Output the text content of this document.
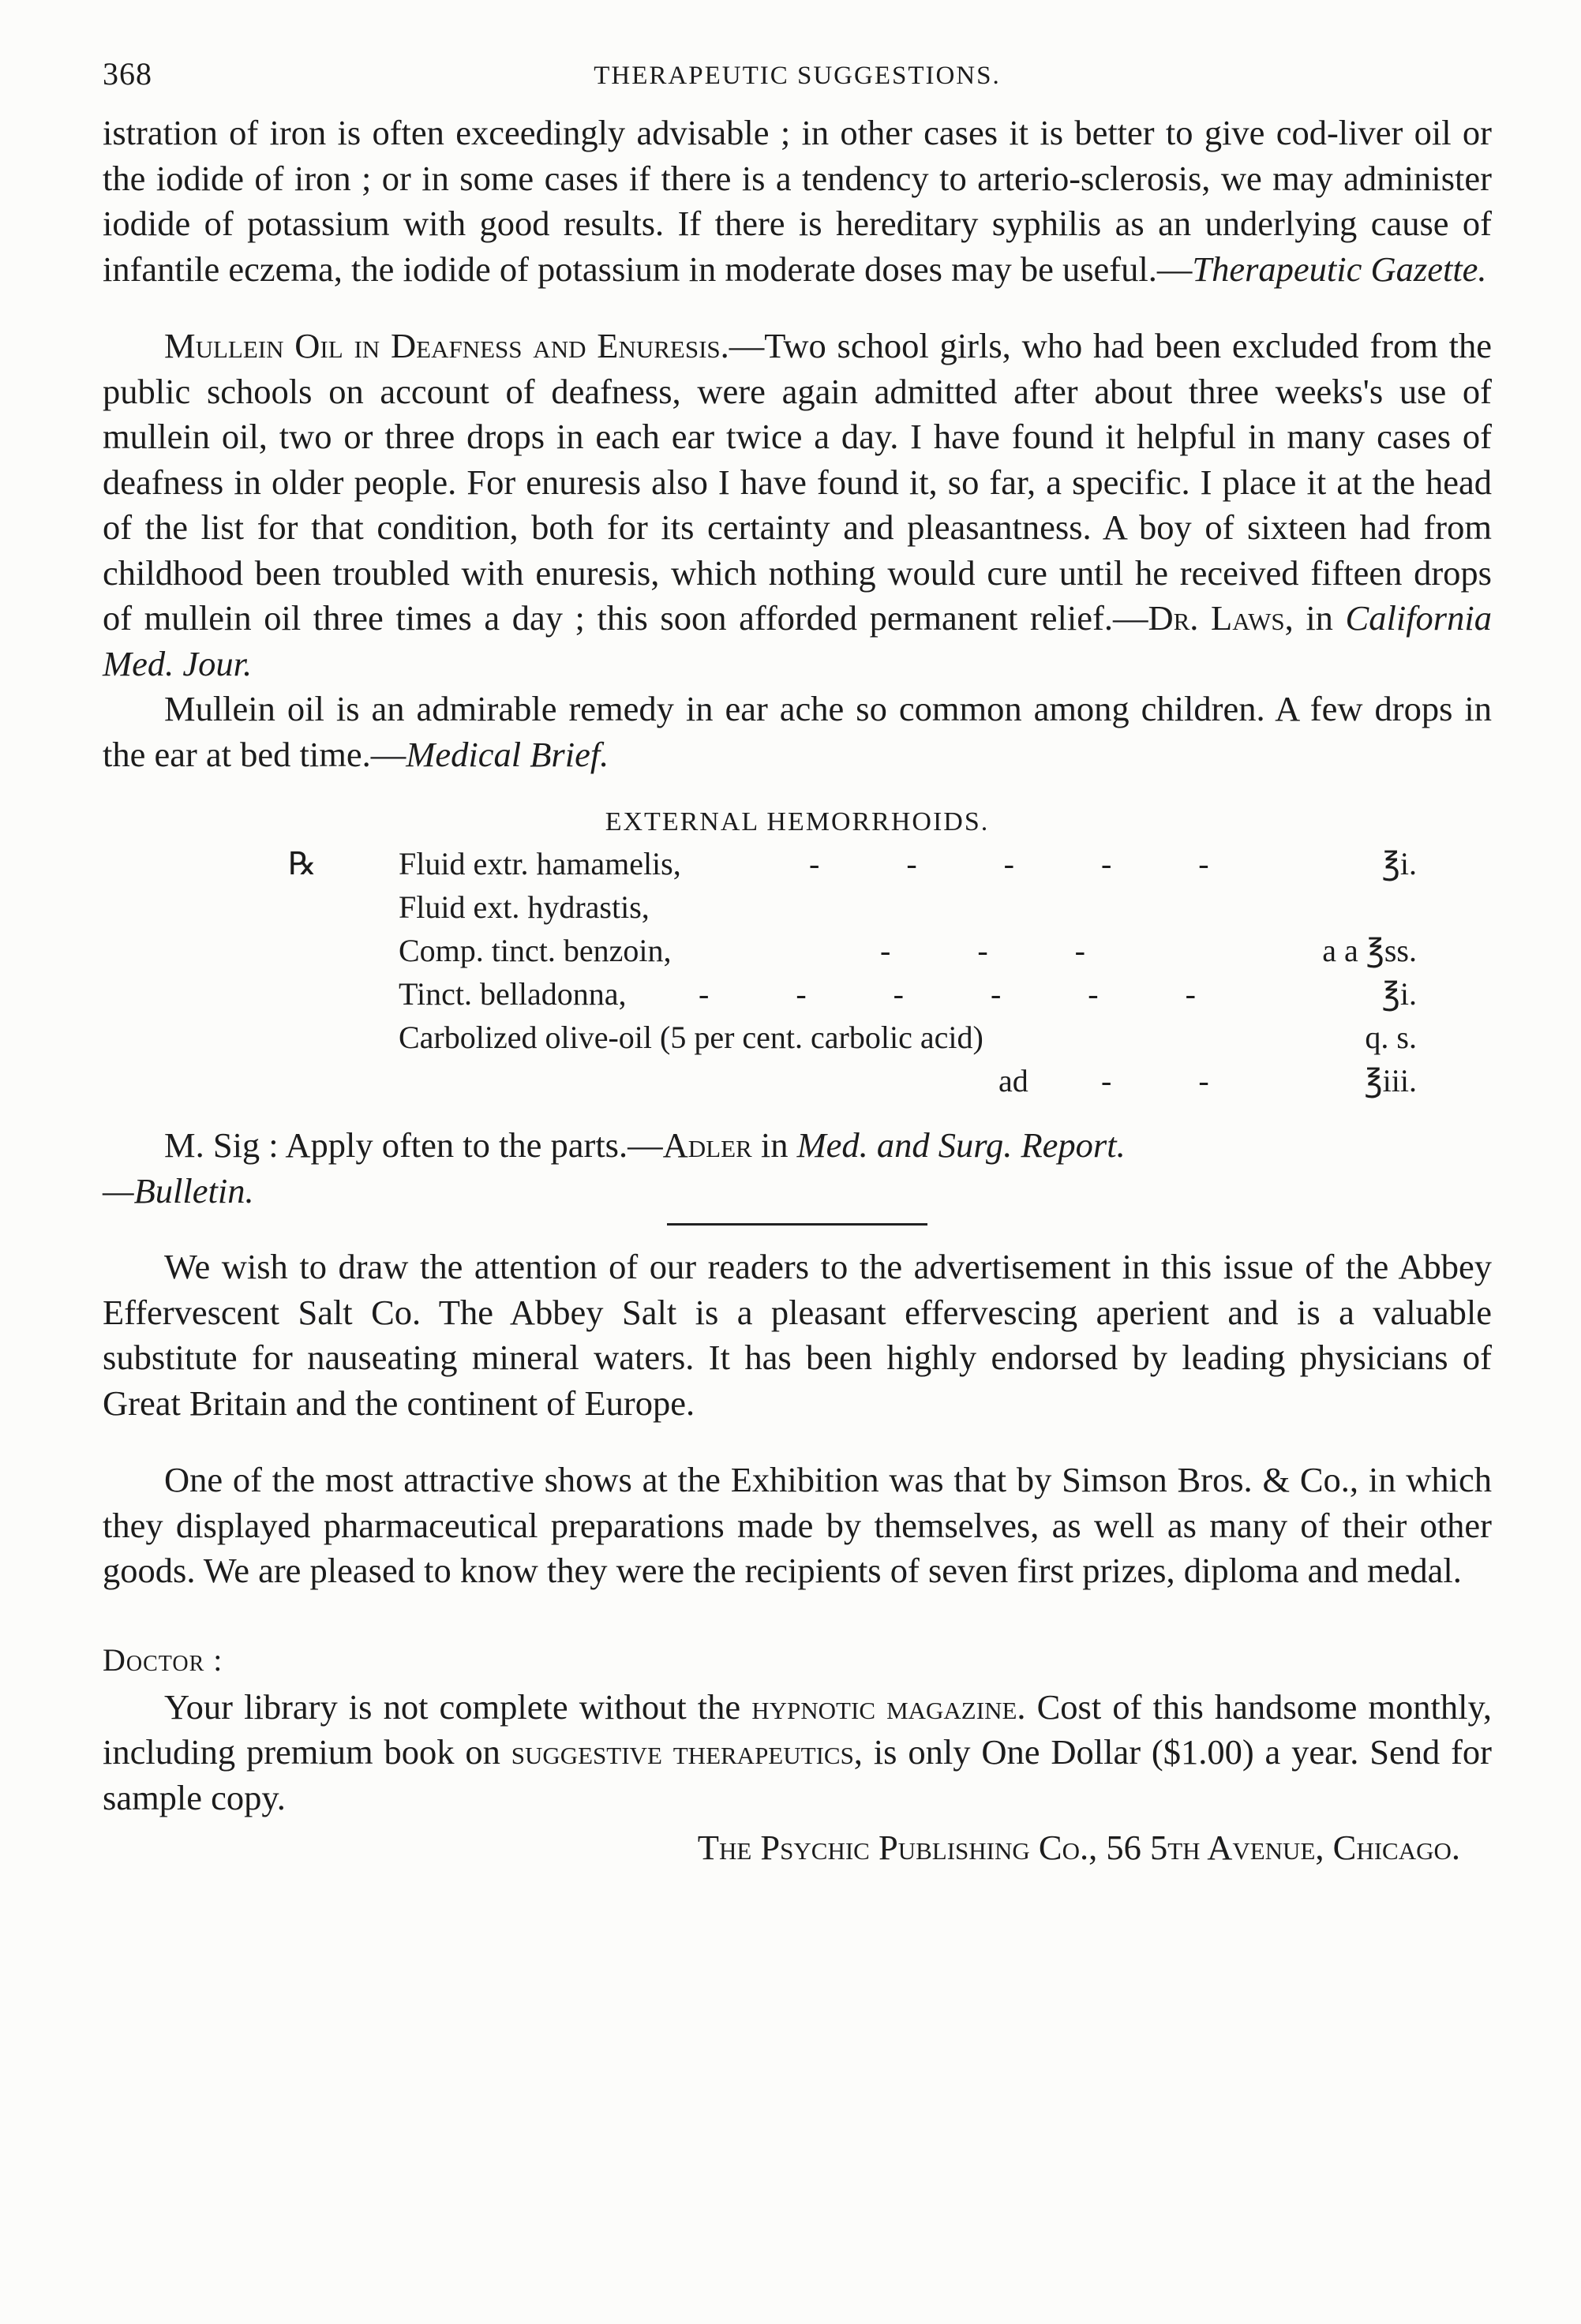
368	THERAPEUTIC SUGGESTIONS.

istration of iron is often exceedingly advisable ; in other cases it is better to give cod-liver oil or the iodide of iron ; or in some cases if there is a tendency to arterio-sclerosis, we may administer iodide of potassium with good results. If there is hereditary syphilis as an underlying cause of infantile eczema, the iodide of potassium in moderate doses may be useful.—Therapeutic Gazette.

Mullein Oil in Deafness and Enuresis.—Two school girls, who had been excluded from the public schools on account of deafness, were again admitted after about three weeks's use of mullein oil, two or three drops in each ear twice a day. I have found it helpful in many cases of deafness in older people. For enuresis also I have found it, so far, a specific. I place it at the head of the list for that condition, both for its certainty and pleasantness. A boy of sixteen had from childhood been troubled with enuresis, which nothing would cure until he received fifteen drops of mullein oil three times a day ; this soon afforded permanent relief.—Dr. Laws, in California Med. Jour.

Mullein oil is an admirable remedy in ear ache so common among children. A few drops in the ear at bed time.—Medical Brief.

EXTERNAL HEMORRHOIDS.
℞	Fluid extr. hamamelis,	- - - - -	℥i.
Fluid ext. hydrastis,
Comp. tinct. benzoin,	- - -	a a ℥ss.
Tinct. belladonna, - - - - - -	℥i.
Carbolized olive-oil (5 per cent. carbolic acid)	q. s.
ad - -	℥iii.

M. Sig : Apply often to the parts.—Adler in Med. and Surg. Report.
—Bulletin.

We wish to draw the attention of our readers to the advertisement in this issue of the Abbey Effervescent Salt Co. The Abbey Salt is a pleasant effervescing aperient and is a valuable substitute for nauseating mineral waters. It has been highly endorsed by leading physicians of Great Britain and the continent of Europe.

One of the most attractive shows at the Exhibition was that by Simson Bros. & Co., in which they displayed pharmaceutical preparations made by themselves, as well as many of their other goods. We are pleased to know they were the recipients of seven first prizes, diploma and medal.

Doctor :

Your library is not complete without the hypnotic magazine. Cost of this handsome monthly, including premium book on suggestive therapeutics, is only One Dollar ($1.00) a year. Send for sample copy.

The Psychic Publishing Co., 56 5th Avenue, Chicago.
